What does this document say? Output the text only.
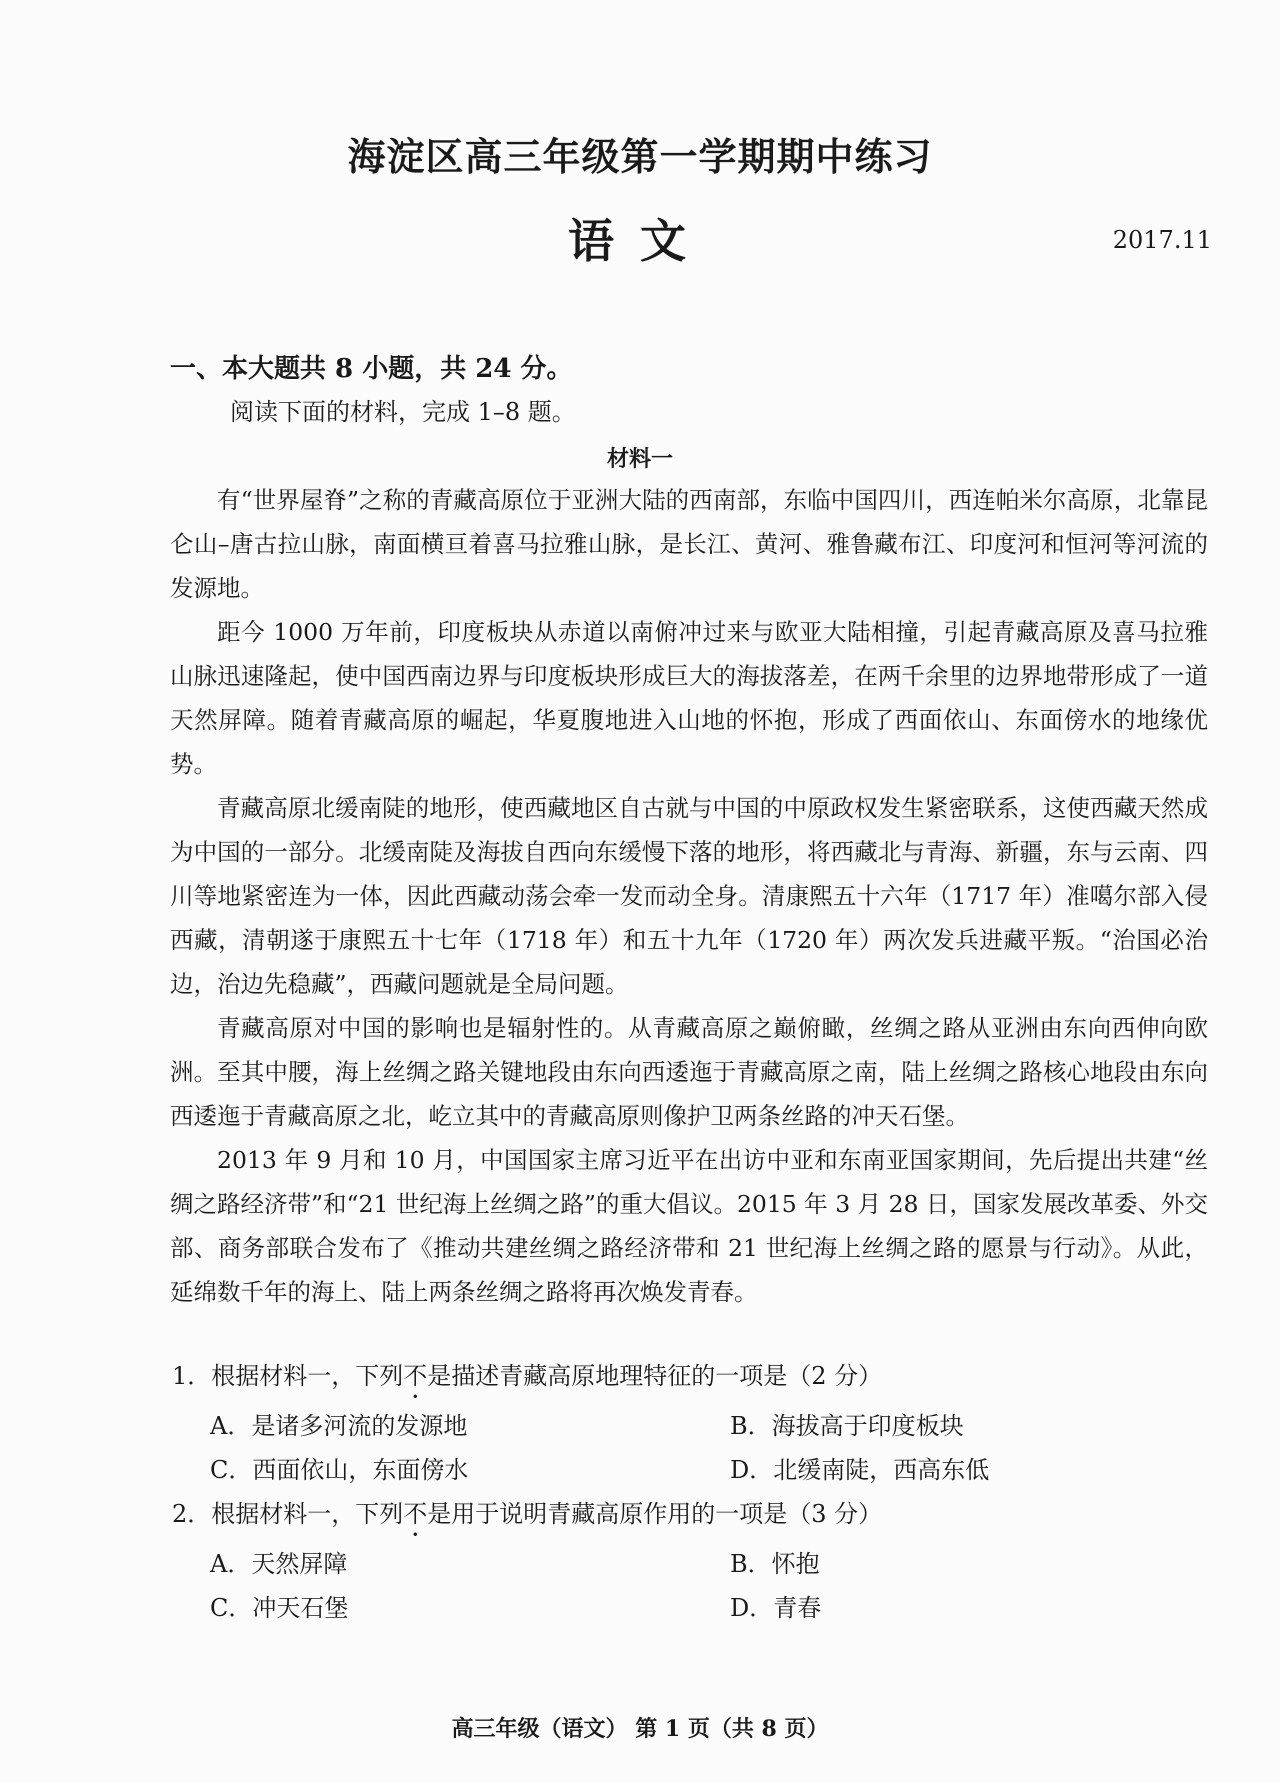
海淀区高三年级第一学期期中练习
语文	2017.11
一、本大题共 8 小题，共 24 分。
阅读下面的材料，完成 1–8 题。
材料一

有“世界屋脊”之称的青藏高原位于亚洲大陆的西南部，东临中国四川，西连帕米尔高原，北靠昆仑山–唐古拉山脉，南面横亘着喜马拉雅山脉，是长江、黄河、雅鲁藏布江、印度河和恒河等河流的发源地。

距今 1000 万年前，印度板块从赤道以南俯冲过来与欧亚大陆相撞，引起青藏高原及喜马拉雅山脉迅速隆起，使中国西南边界与印度板块形成巨大的海拔落差，在两千余里的边界地带形成了一道天然屏障。随着青藏高原的崛起，华夏腹地进入山地的怀抱，形成了西面依山、东面傍水的地缘优势。

青藏高原北缓南陡的地形，使西藏地区自古就与中国的中原政权发生紧密联系，这使西藏天然成为中国的一部分。北缓南陡及海拔自西向东缓慢下落的地形，将西藏北与青海、新疆，东与云南、四川等地紧密连为一体，因此西藏动荡会牵一发而动全身。清康熙五十六年（1717 年）准噶尔部入侵西藏，清朝遂于康熙五十七年（1718 年）和五十九年（1720 年）两次发兵进藏平叛。“治国必治边，治边先稳藏”，西藏问题就是全局问题。

青藏高原对中国的影响也是辐射性的。从青藏高原之巅俯瞰，丝绸之路从亚洲由东向西伸向欧洲。至其中腰，海上丝绸之路关键地段由东向西逶迤于青藏高原之南，陆上丝绸之路核心地段由东向西逶迤于青藏高原之北，屹立其中的青藏高原则像护卫两条丝路的冲天石堡。

2013 年 9 月和 10 月，中国国家主席习近平在出访中亚和东南亚国家期间，先后提出共建“丝绸之路经济带”和“21 世纪海上丝绸之路”的重大倡议。2015 年 3 月 28 日，国家发展改革委、外交部、商务部联合发布了《推动共建丝绸之路经济带和 21 世纪海上丝绸之路的愿景与行动》。从此，延绵数千年的海上、陆上两条丝绸之路将再次焕发青春。

1．根据材料一，下列不是描述青藏高原地理特征的一项是（2 分）

A．是诸多河流的发源地	B．海拔高于印度板块
C．西面依山，东面傍水	D．北缓南陡，西高东低

2．根据材料一，下列不是用于说明青藏高原作用的一项是（3 分）

A．天然屏障	B．怀抱
C．冲天石堡	D．青春
高三年级（语文） 第 1 页（共 8 页）
